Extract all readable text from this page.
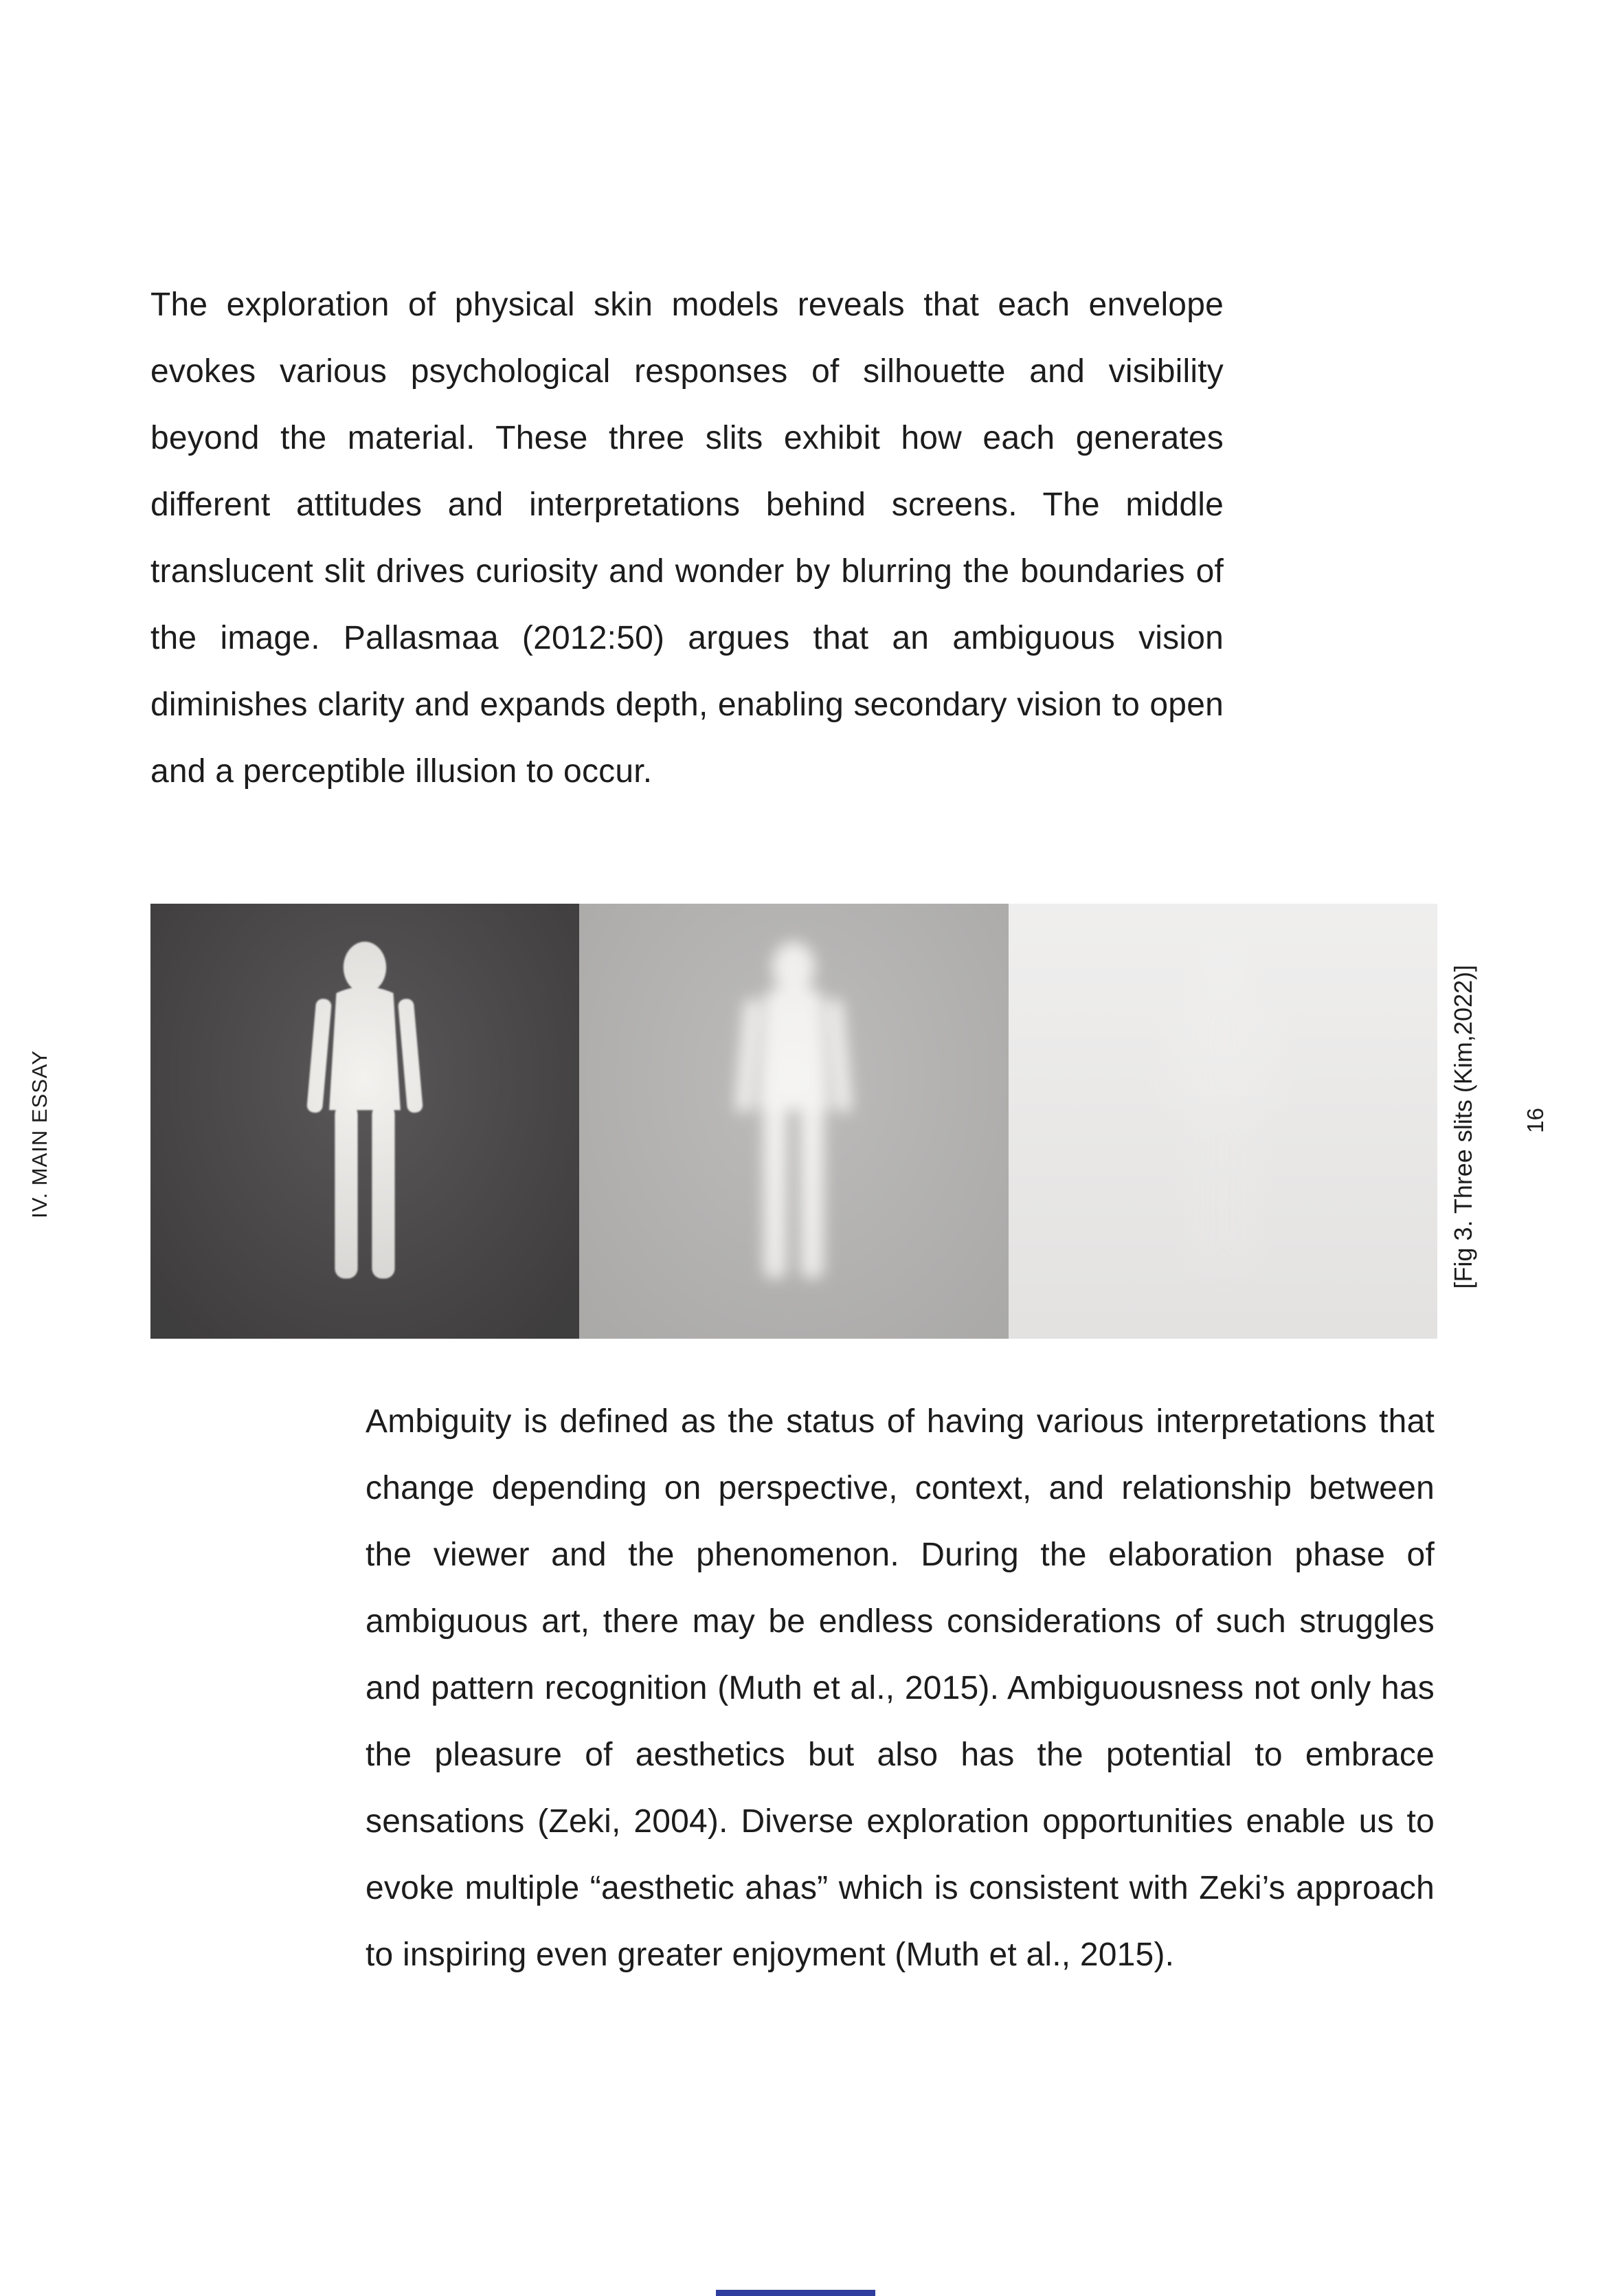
IV. MAIN ESSAY
The exploration of physical skin models reveals that each envelope evokes various psychological responses of silhouette and visibility beyond the material. These three slits exhibit how each generates different attitudes and interpretations behind screens. The middle translucent slit drives curiosity and wonder by blurring the boundaries of the image. Pallasmaa (2012:50) argues that an ambiguous vision diminishes clarity and expands depth, enabling secondary vision to open and a perceptible illusion to occur.
[Fig 3. Three slits (Kim,2022)] 16
Ambiguity is defined as the status of having various interpretations that change depending on perspective, context, and relationship between the viewer and the phenomenon. During the elaboration phase of ambiguous art, there may be endless considerations of such struggles and pattern recognition (Muth et al., 2015). Ambiguousness not only has the pleasure of aesthetics but also has the potential to embrace sensations (Zeki, 2004). Diverse exploration opportunities enable us to evoke multiple “aesthetic ahas” which is consistent with Zeki’s approach to inspiring even greater enjoyment (Muth et al., 2015).
